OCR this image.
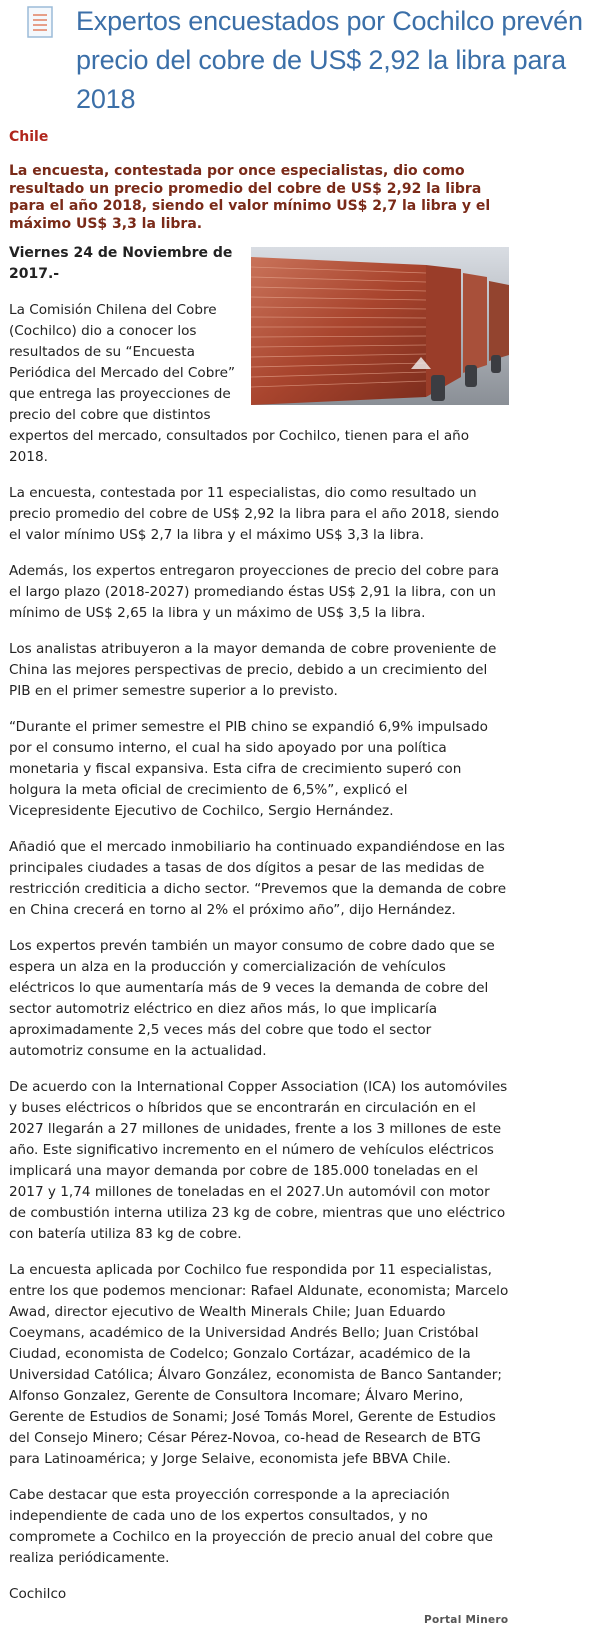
Expertos encuestados por Cochilco prevén precio del cobre de US$ 2,92 la libra para 2018
Chile

La encuesta, contestada por once especialistas, dio como resultado un precio promedio del cobre de US$ 2,92 la libra para el año 2018, siendo el valor mínimo US$ 2,7 la libra y el máximo US$ 3,3 la libra.

Viernes 24 de Noviembre de 2017.-

La Comisión Chilena del Cobre (Cochilco) dio a conocer los resultados de su “Encuesta Periódica del Mercado del Cobre” que entrega las proyecciones de precio del cobre que distintos expertos del mercado, consultados por Cochilco, tienen para el año 2018.

La encuesta, contestada por 11 especialistas, dio como resultado un precio promedio del cobre de US$ 2,92 la libra para el año 2018, siendo el valor mínimo US$ 2,7 la libra y el máximo US$ 3,3 la libra.

Además, los expertos entregaron proyecciones de precio del cobre para el largo plazo (2018-2027) promediando éstas US$ 2,91 la libra, con un mínimo de US$ 2,65 la libra y un máximo de US$ 3,5 la libra.

Los analistas atribuyeron a la mayor demanda de cobre proveniente de China las mejores perspectivas de precio, debido a un crecimiento del PIB en el primer semestre superior a lo previsto.

“Durante el primer semestre el PIB chino se expandió 6,9% impulsado por el consumo interno, el cual ha sido apoyado por una política monetaria y fiscal expansiva. Esta cifra de crecimiento superó con holgura la meta oficial de crecimiento de 6,5%”, explicó el Vicepresidente Ejecutivo de Cochilco, Sergio Hernández.

Añadió que el mercado inmobiliario ha continuado expandiéndose en las principales ciudades a tasas de dos dígitos a pesar de las medidas de restricción crediticia a dicho sector. “Prevemos que la demanda de cobre en China crecerá en torno al 2% el próximo año”, dijo Hernández.

Los expertos prevén también un mayor consumo de cobre dado que se espera un alza en la producción y comercialización de vehículos eléctricos lo que aumentaría más de 9 veces la demanda de cobre del sector automotriz eléctrico en diez años más, lo que implicaría aproximadamente 2,5 veces más del cobre que todo el sector automotriz consume en la actualidad.

De acuerdo con la International Copper Association (ICA) los automóviles y buses eléctricos o híbridos que se encontrarán en circulación en el 2027 llegarán a 27 millones de unidades, frente a los 3 millones de este año. Este significativo incremento en el número de vehículos eléctricos implicará una mayor demanda por cobre de 185.000 toneladas en el 2017 y 1,74 millones de toneladas en el 2027.Un automóvil con motor de combustión interna utiliza 23 kg de cobre, mientras que uno eléctrico con batería utiliza 83 kg de cobre.

La encuesta aplicada por Cochilco fue respondida por 11 especialistas, entre los que podemos mencionar: Rafael Aldunate, economista; Marcelo Awad, director ejecutivo de Wealth Minerals Chile; Juan Eduardo Coeymans, académico de la Universidad Andrés Bello; Juan Cristóbal Ciudad, economista de Codelco; Gonzalo Cortázar, académico de la Universidad Católica; Álvaro González, economista de Banco Santander; Alfonso Gonzalez, Gerente de Consultora Incomare; Álvaro Merino, Gerente de Estudios de Sonami; José Tomás Morel, Gerente de Estudios del Consejo Minero; César Pérez-Novoa, co-head de Research de BTG para Latinoamérica; y Jorge Selaive, economista jefe BBVA Chile.

Cabe destacar que esta proyección corresponde a la apreciación independiente de cada uno de los expertos consultados, y no compromete a Cochilco en la proyección de precio anual del cobre que realiza periódicamente.

Cochilco

Portal Minero
